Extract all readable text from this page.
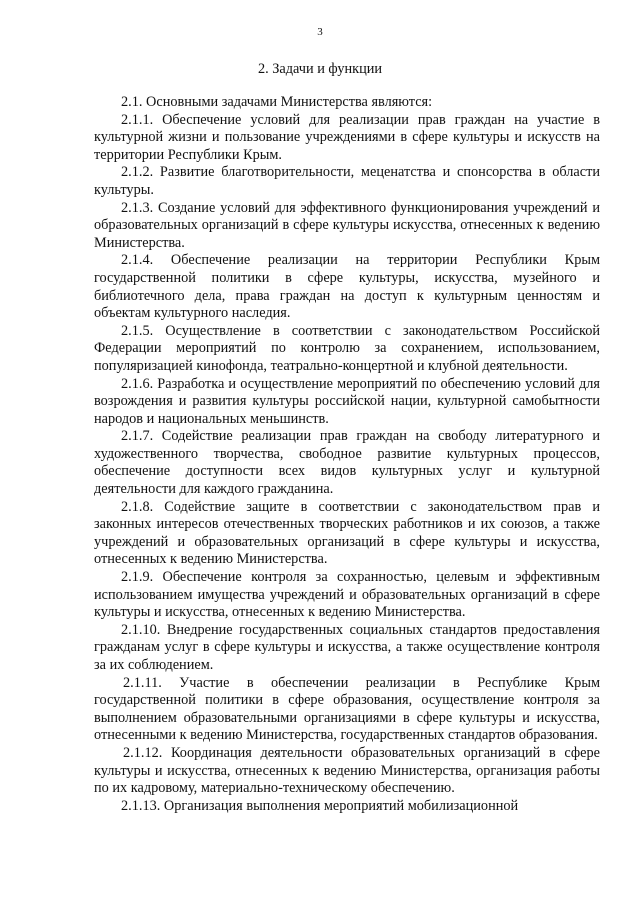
3
2. Задачи и функции

2.1. Основными задачами Министерства являются:

2.1.1. Обеспечение условий для реализации прав граждан на участие в культурной жизни и пользование учреждениями в сфере культуры и искусств на территории Республики Крым.

2.1.2. Развитие благотворительности, меценатства и спонсорства в области культуры.

2.1.3. Создание условий для эффективного функционирования учреждений и образовательных организаций в сфере культуры искусства, отнесенных к ведению Министерства.

2.1.4. Обеспечение реализации на территории Республики Крым государственной политики в сфере культуры, искусства, музейного и библиотечного дела, права граждан на доступ к культурным ценностям и объектам культурного наследия.

2.1.5. Осуществление в соответствии с законодательством Российской Федерации мероприятий по контролю за сохранением, использованием, популяризацией кинофонда, театрально-концертной и клубной деятельности.

2.1.6. Разработка и осуществление мероприятий по обеспечению условий для возрождения и развития культуры российской нации, культурной самобытности народов и национальных меньшинств.

2.1.7. Содействие реализации прав граждан на свободу литературного и художественного творчества, свободное развитие культурных процессов, обеспечение доступности всех видов культурных услуг и культурной деятельности для каждого гражданина.

2.1.8. Содействие защите в соответствии с законодательством прав и законных интересов отечественных творческих работников и их союзов, а также учреждений и образовательных организаций в сфере культуры и искусства, отнесенных к ведению Министерства.

2.1.9. Обеспечение контроля за сохранностью, целевым и эффективным использованием имущества учреждений и образовательных организаций в сфере культуры и искусства, отнесенных к ведению Министерства.

2.1.10. Внедрение государственных социальных стандартов предоставления гражданам услуг в сфере культуры и искусства, а также осуществление контроля за их соблюдением.

2.1.11. Участие в обеспечении реализации в Республике Крым государственной политики в сфере образования, осуществление контроля за выполнением образовательными организациями в сфере культуры и искусства, отнесенными к ведению Министерства, государственных стандартов образования.

2.1.12. Координация деятельности образовательных организаций в сфере культуры и искусства, отнесенных к ведению Министерства, организация работы по их кадровому, материально-техническому обеспечению.

2.1.13. Организация выполнения мероприятий мобилизационной
